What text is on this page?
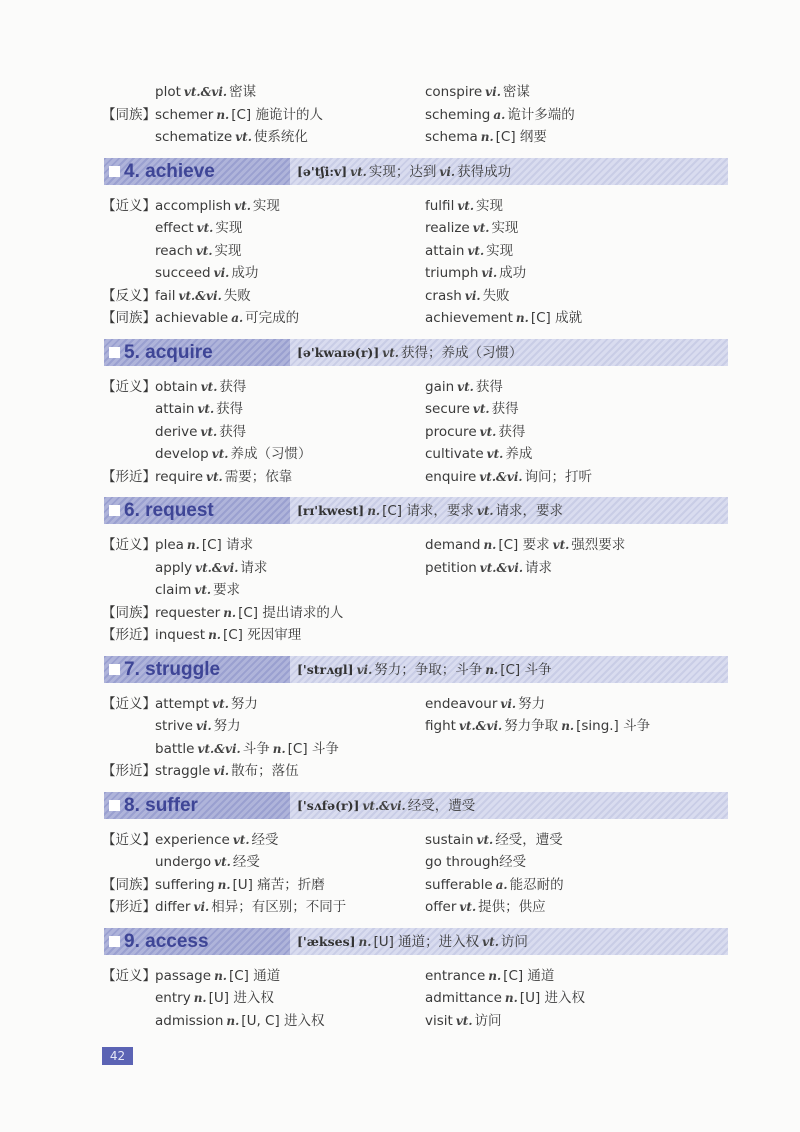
plot vt.&vi. 密谋	conspire vi. 密谋
【同族】 schemer n. [C] 施诡计的人	scheming a. 诡计多端的
schematize vt. 使系统化	schema n. [C] 纲要
4. achieve	[ə'tʃi:v] vt. 实现；达到 vi. 获得成功
【近义】 accomplish vt. 实现	fulfil vt. 实现
effect vt. 实现	realize vt. 实现
reach vt. 实现	attain vt. 实现
succeed vi. 成功	triumph vi. 成功
【反义】 fail vt.&vi. 失败	crash vi. 失败
【同族】 achievable a. 可完成的	achievement n. [C] 成就
5. acquire	[ə'kwaɪə(r)] vt. 获得；养成（习惯）
【近义】 obtain vt. 获得	gain vt. 获得
attain vt. 获得	secure vt. 获得
derive vt. 获得	procure vt. 获得
develop vt. 养成（习惯）	cultivate vt. 养成
【形近】 require vt. 需要；依靠	enquire vt.&vi. 询问；打听
6. request	[rɪ'kwest] n. [C] 请求，要求 vt. 请求，要求
【近义】 plea n. [C] 请求	demand n. [C] 要求 vt. 强烈要求
apply vt.&vi. 请求	petition vt.&vi. 请求
claim vt. 要求
【同族】 requester n. [C] 提出请求的人
【形近】 inquest n. [C] 死因审理
7. struggle	['strʌgl] vi. 努力；争取；斗争 n. [C] 斗争
【近义】 attempt vt. 努力	endeavour vi. 努力
strive vi. 努力	fight vt.&vi. 努力争取 n. [sing.] 斗争
battle vt.&vi. 斗争 n. [C] 斗争
【形近】 straggle vi. 散布；落伍
8. suffer	['sʌfə(r)] vt.&vi. 经受，遭受
【近义】 experience vt. 经受	sustain vt. 经受，遭受
undergo vt. 经受	go through经受
【同族】 suffering n. [U] 痛苦；折磨	sufferable a. 能忍耐的
【形近】 differ vi. 相异；有区别；不同于	offer vt. 提供；供应
9. access	['ækses] n. [U] 通道；进入权 vt. 访问
【近义】 passage n. [C] 通道	entrance n. [C] 通道
entry n. [U] 进入权	admittance n. [U] 进入权
admission n. [U, C] 进入权	visit vt. 访问
42
